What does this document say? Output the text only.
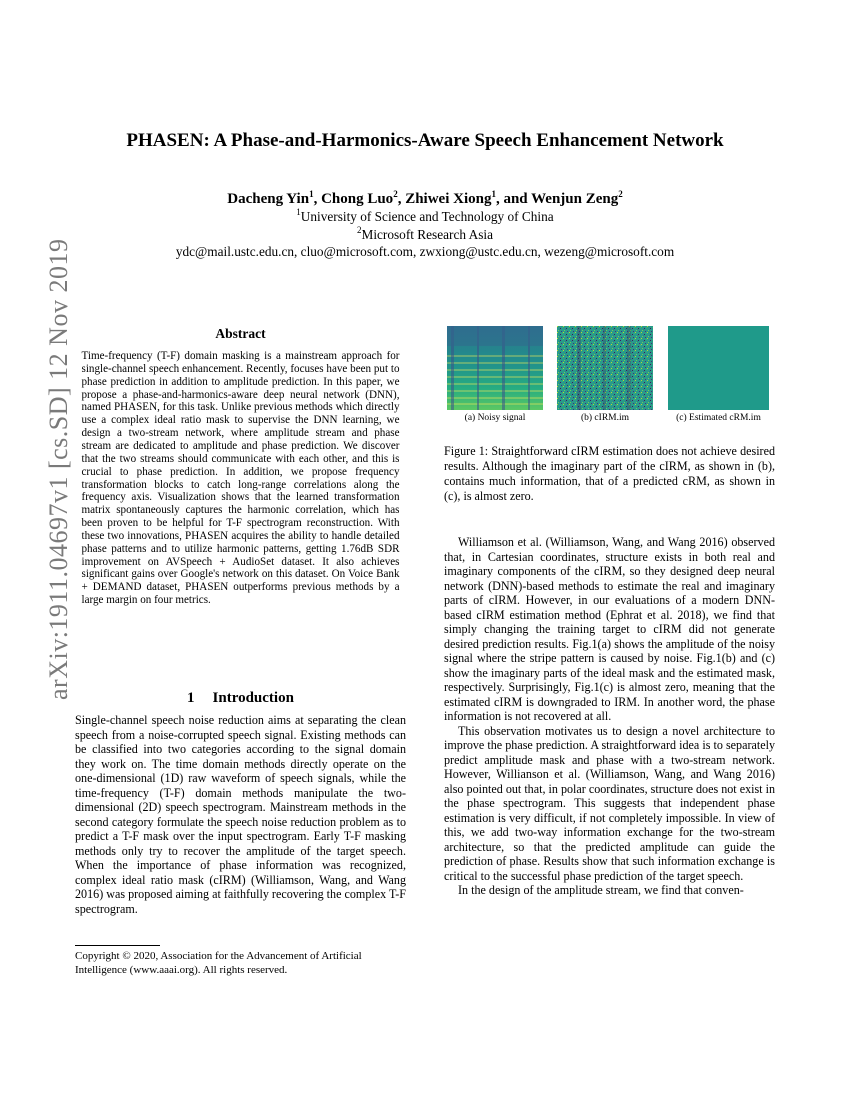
arXiv:1911.04697v1 [cs.SD] 12 Nov 2019
PHASEN: A Phase-and-Harmonics-Aware Speech Enhancement Network
Dacheng Yin$^1$, Chong Luo$^2$, Zhiwei Xiong$^1$, and Wenjun Zeng$^2$
$^1$University of Science and Technology of China
$^2$Microsoft Research Asia
ydc@mail.ustc.edu.cn, cluo@microsoft.com, zwxiong@ustc.edu.cn, wezeng@microsoft.com
Abstract
Time-frequency (T-F) domain masking is a mainstream approach for single-channel speech enhancement. Recently, focuses have been put to phase prediction in addition to amplitude prediction. In this paper, we propose a phase-and-harmonics-aware deep neural network (DNN), named PHASEN, for this task. Unlike previous methods which directly use a complex ideal ratio mask to supervise the DNN learning, we design a two-stream network, where amplitude stream and phase stream are dedicated to amplitude and phase prediction. We discover that the two streams should communicate with each other, and this is crucial to phase prediction. In addition, we propose frequency transformation blocks to catch long-range correlations along the frequency axis. Visualization shows that the learned transformation matrix spontaneously captures the harmonic correlation, which has been proven to be helpful for T-F spectrogram reconstruction. With these two innovations, PHASEN acquires the ability to handle detailed phase patterns and to utilize harmonic patterns, getting 1.76dB SDR improvement on AVSpeech + AudioSet dataset. It also achieves significant gains over Google's network on this dataset. On Voice Bank + DEMAND dataset, PHASEN outperforms previous methods by a large margin on four metrics.
1 Introduction

Single-channel speech noise reduction aims at separating the clean speech from a noise-corrupted speech signal. Existing methods can be classified into two categories according to the signal domain they work on. The time domain methods directly operate on the one-dimensional (1D) raw waveform of speech signals, while the time-frequency (T-F) domain methods manipulate the two-dimensional (2D) speech spectrogram. Mainstream methods in the second category formulate the speech noise reduction problem as to predict a T-F mask over the input spectrogram. Early T-F masking methods only try to recover the amplitude of the target speech. When the importance of phase information was recognized, complex ideal ratio mask (cIRM) (Williamson, Wang, and Wang 2016) was proposed aiming at faithfully recovering the complex T-F spectrogram.

Copyright © 2020, Association for the Advancement of Artificial Intelligence (www.aaai.org). All rights reserved.
(a) Noisy signal	(b) cIRM.im	(c) Estimated cRM.im
Figure 1: Straightforward cIRM estimation does not achieve desired results. Although the imaginary part of the cIRM, as shown in (b), contains much information, that of a predicted cRM, as shown in (c), is almost zero.

Williamson et al. (Williamson, Wang, and Wang 2016) observed that, in Cartesian coordinates, structure exists in both real and imaginary components of the cIRM, so they designed deep neural network (DNN)-based methods to estimate the real and imaginary parts of cIRM. However, in our evaluations of a modern DNN-based cIRM estimation method (Ephrat et al. 2018), we find that simply changing the training target to cIRM did not generate desired prediction results. Fig.1(a) shows the amplitude of the noisy signal where the stripe pattern is caused by noise. Fig.1(b) and (c) show the imaginary parts of the ideal mask and the estimated mask, respectively. Surprisingly, Fig.1(c) is almost zero, meaning that the estimated cIRM is downgraded to IRM. In another word, the phase information is not recovered at all.

This observation motivates us to design a novel architecture to improve the phase prediction. A straightforward idea is to separately predict amplitude mask and phase with a two-stream network. However, Willianson et al. (Williamson, Wang, and Wang 2016) also pointed out that, in polar coordinates, structure does not exist in the phase spectrogram. This suggests that independent phase estimation is very difficult, if not completely impossible. In view of this, we add two-way information exchange for the two-stream architecture, so that the predicted amplitude can guide the prediction of phase. Results show that such information exchange is critical to the successful phase prediction of the target speech.

In the design of the amplitude stream, we find that conven-
